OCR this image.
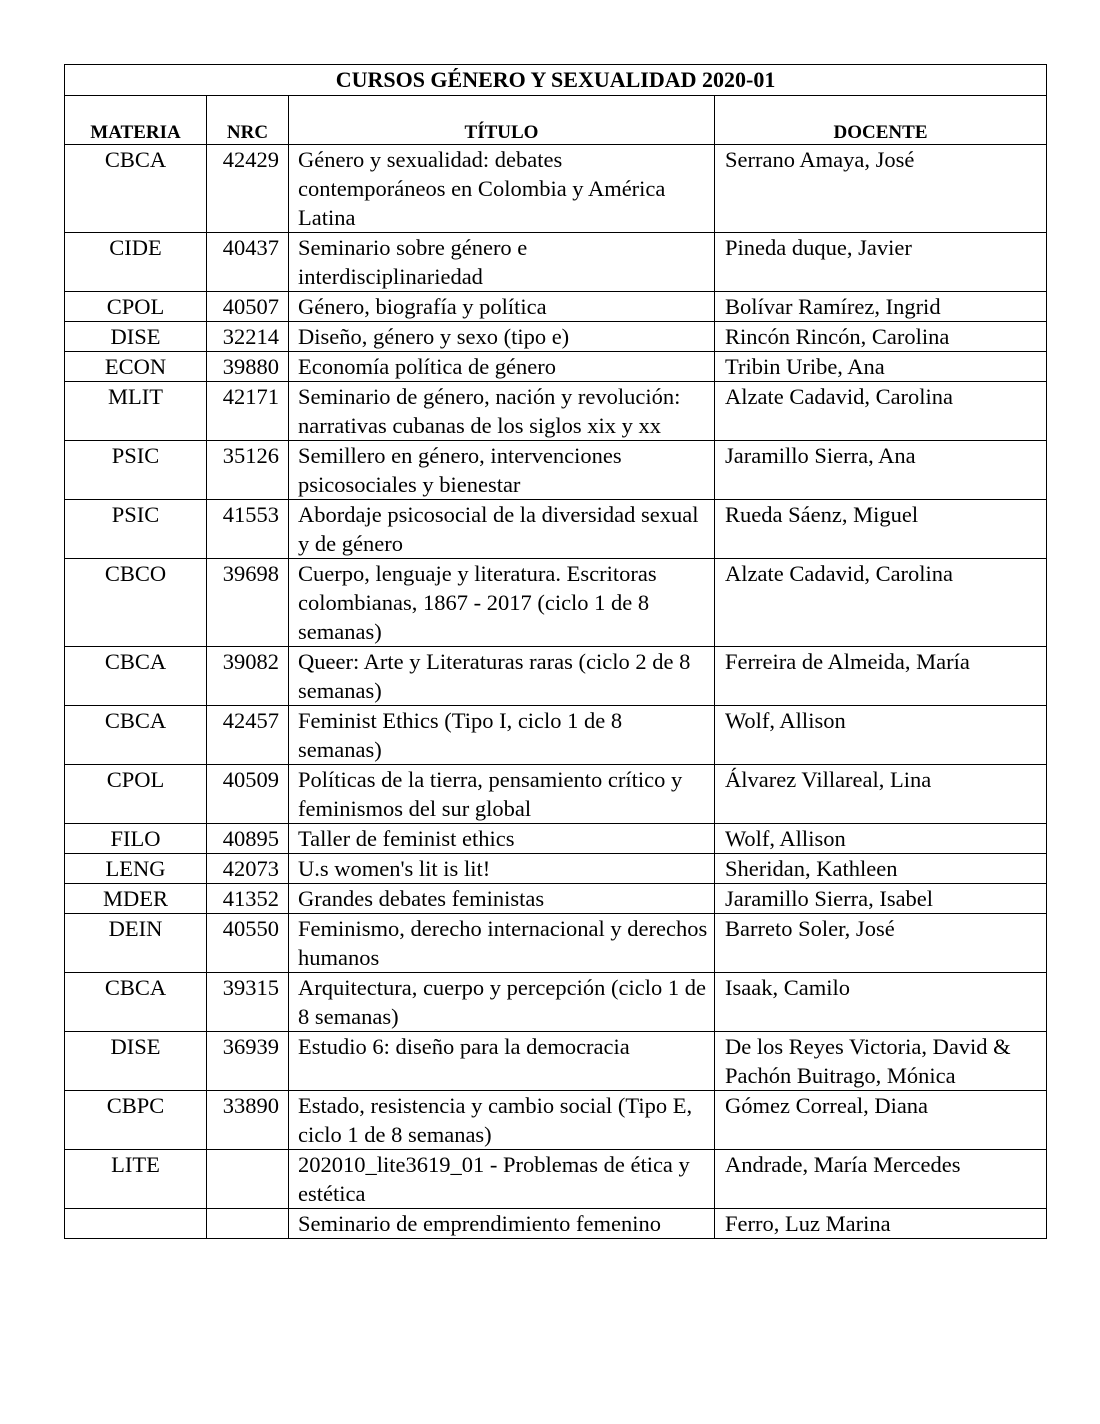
CURSOS GÉNERO Y SEXUALIDAD 2020-01			
MATERIA	NRC	TÍTULO	DOCENTE
CBCA	42429	Género y sexualidad: debates contemporáneos en Colombia y América Latina	Serrano Amaya, José
CIDE	40437	Seminario sobre género e interdisciplinariedad	Pineda duque, Javier
CPOL	40507	Género, biografía y política	Bolívar Ramírez, Ingrid
DISE	32214	Diseño, género y sexo (tipo e)	Rincón Rincón, Carolina
ECON	39880	Economía política de género	Tribin Uribe, Ana
MLIT	42171	Seminario de género, nación y revolución: narrativas cubanas de los siglos xix y xx	Alzate Cadavid, Carolina
PSIC	35126	Semillero en género, intervenciones psicosociales y bienestar	Jaramillo Sierra, Ana
PSIC	41553	Abordaje psicosocial de la diversidad sexual y de género	Rueda Sáenz, Miguel
CBCO	39698	Cuerpo, lenguaje y literatura. Escritoras colombianas, 1867 - 2017 (ciclo 1 de 8 semanas)	Alzate Cadavid, Carolina
CBCA	39082	Queer: Arte y Literaturas raras (ciclo 2 de 8 semanas)	Ferreira de Almeida, María
CBCA	42457	Feminist Ethics (Tipo I, ciclo 1 de 8 semanas)	Wolf, Allison
CPOL	40509	Políticas de la tierra, pensamiento crítico y feminismos del sur global	Álvarez Villareal, Lina
FILO	40895	Taller de feminist ethics	Wolf, Allison
LENG	42073	U.s women's lit is lit!	Sheridan, Kathleen
MDER	41352	Grandes debates feministas	Jaramillo Sierra, Isabel
DEIN	40550	Feminismo, derecho internacional y derechos humanos	Barreto Soler, José
CBCA	39315	Arquitectura, cuerpo y percepción (ciclo 1 de 8 semanas)	Isaak, Camilo
DISE	36939	Estudio 6: diseño para la democracia	De los Reyes Victoria, David & Pachón Buitrago, Mónica
CBPC	33890	Estado, resistencia y cambio social (Tipo E, ciclo 1 de 8 semanas)	Gómez Correal, Diana
LITE		202010_lite3619_01 - Problemas de ética y estética	Andrade, María Mercedes
		Seminario de emprendimiento femenino	Ferro, Luz Marina
